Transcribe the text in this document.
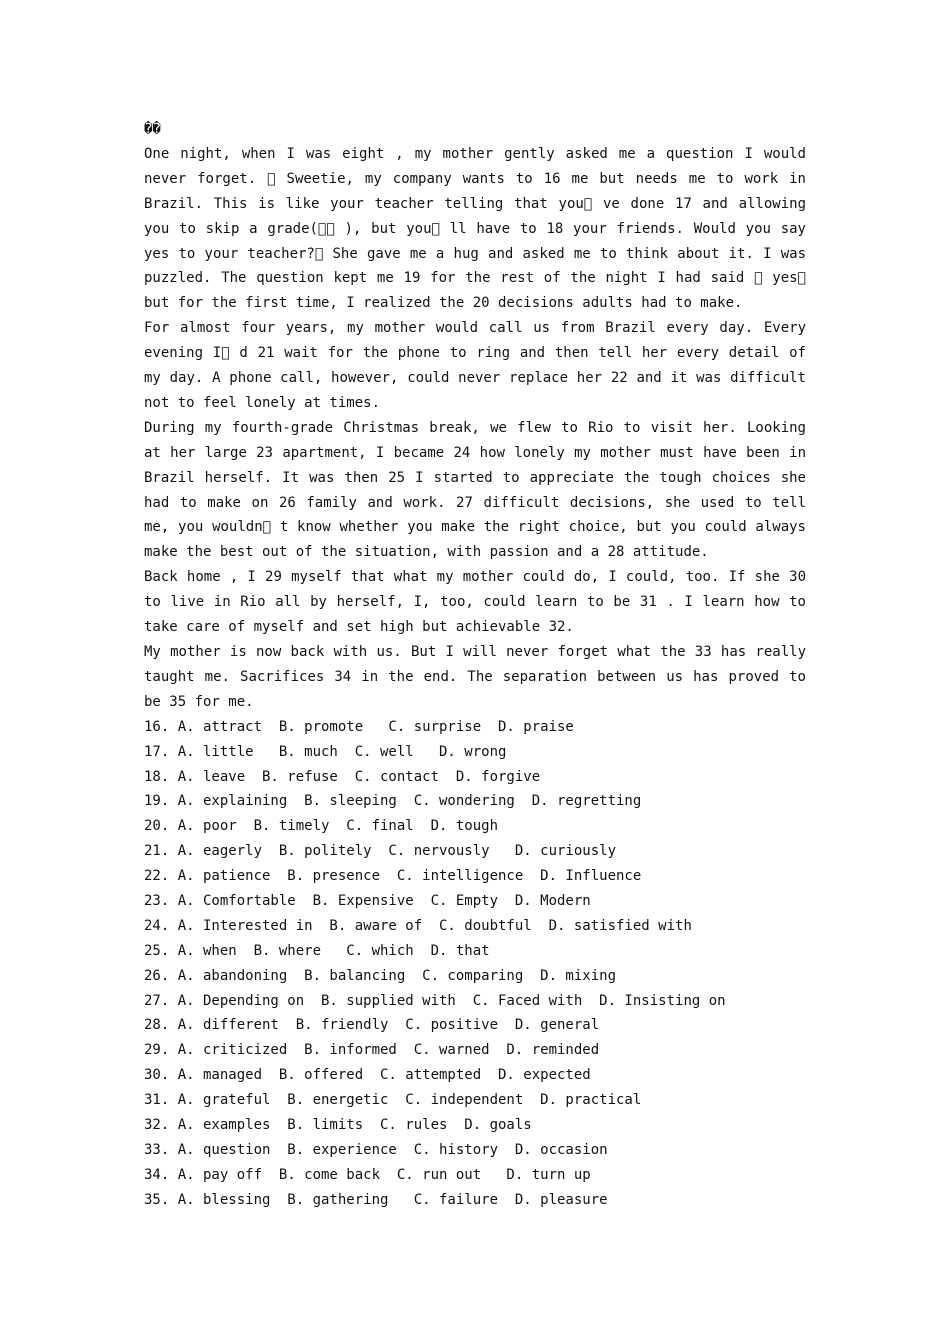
��

One night, when I was eight , my mother gently asked me a question I would never forget.   Sweetie, my company wants to 16 me but needs me to work in Brazil. This is like your teacher telling that you  ve done 17 and allowing you to skip a grade(   ), but you  ll have to 18 your friends. Would you say yes to your teacher?  She gave me a hug and asked me to think about it. I was puzzled. The question kept me 19 for the rest of the night I had said   yes  but for the first time, I realized the 20 decisions adults had to make.

For almost four years, my mother would call us from Brazil every day. Every evening I  d 21 wait for the phone to ring and then tell her every detail of my day. A phone call, however, could never replace her 22 and it was difficult not to feel lonely at times.

During my fourth-grade Christmas break, we flew to Rio to visit her. Looking at her large 23 apartment, I became 24 how lonely my mother must have been in Brazil herself. It was then 25 I started to appreciate the tough choices she had to make on 26 family and work. 27 difficult decisions, she used to tell me, you wouldn  t know whether you make the right choice, but you could always make the best out of the situation, with passion and a 28 attitude.

Back home , I 29 myself that what my mother could do, I could, too. If she 30 to live in Rio all by herself, I, too, could learn to be 31 . I learn how to take care of myself and set high but achievable 32.

My mother is now back with us. But I will never forget what the 33 has really taught me. Sacrifices 34 in the end. The separation between us has proved to be 35 for me.

16. A. attract  B. promote   C. surprise  D. praise
17. A. little   B. much  C. well   D. wrong
18. A. leave  B. refuse  C. contact  D. forgive
19. A. explaining  B. sleeping  C. wondering  D. regretting
20. A. poor  B. timely  C. final  D. tough
21. A. eagerly  B. politely  C. nervously   D. curiously
22. A. patience  B. presence  C. intelligence  D. Influence
23. A. Comfortable  B. Expensive  C. Empty  D. Modern
24. A. Interested in  B. aware of  C. doubtful  D. satisfied with
25. A. when  B. where   C. which  D. that
26. A. abandoning  B. balancing  C. comparing  D. mixing
27. A. Depending on  B. supplied with  C. Faced with  D. Insisting on
28. A. different  B. friendly  C. positive  D. general
29. A. criticized  B. informed  C. warned  D. reminded
30. A. managed  B. offered  C. attempted  D. expected
31. A. grateful  B. energetic  C. independent  D. practical
32. A. examples  B. limits  C. rules  D. goals
33. A. question  B. experience  C. history  D. occasion
34. A. pay off  B. come back  C. run out   D. turn up
35. A. blessing  B. gathering   C. failure  D. pleasure
